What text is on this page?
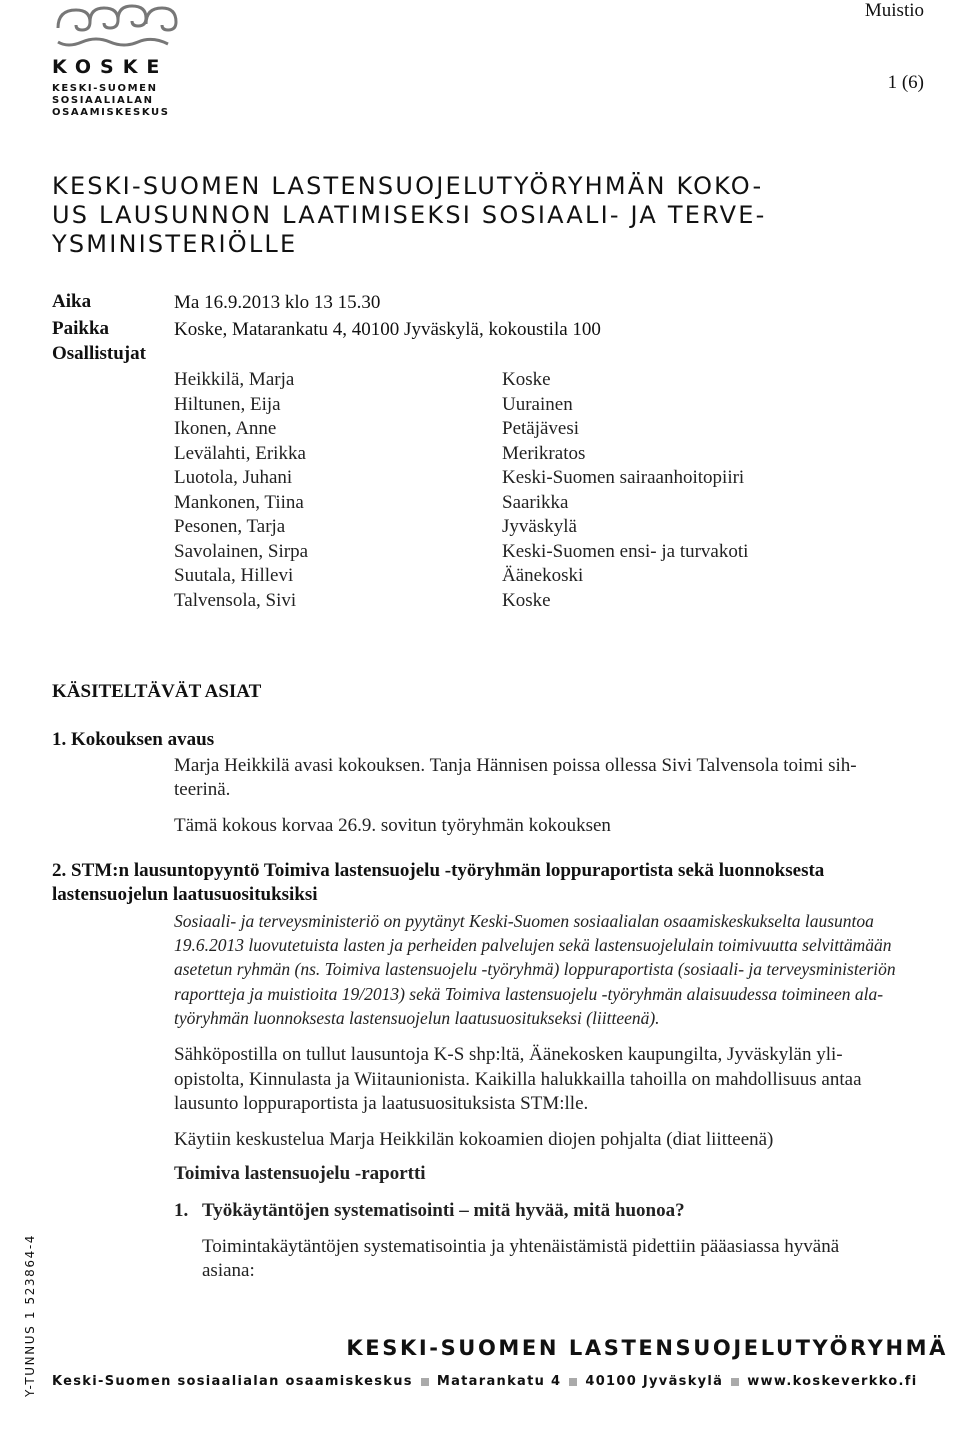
KOSKE
KESKI-SUOMEN
SOSIAALIALAN
OSAAMISKESKUS
Muistio
1 (6)
KESKI-SUOMEN LASTENSUOJELUTYÖRYHMÄN KOKO-
US LAUSUNNON LAATIMISEKSI SOSIAALI- JA TERVE-
YSMINISTERIÖLLE
Aika	Ma 16.9.2013 klo 13 15.30
Paikka	Koske, Matarankatu 4, 40100 Jyväskylä, kokoustila 100
Osallistujat
Heikkilä, Marja	Koske
Hiltunen, Eija	Uurainen
Ikonen, Anne	Petäjävesi
Levälahti, Erikka	Merikratos
Luotola, Juhani	Keski-Suomen sairaanhoitopiiri
Mankonen, Tiina	Saarikka
Pesonen, Tarja	Jyväskylä
Savolainen, Sirpa	Keski-Suomen ensi- ja turvakoti
Suutala, Hillevi	Äänekoski
Talvensola, Sivi	Koske
KÄSITELTÄVÄT ASIAT
1. Kokouksen avaus
Marja Heikkilä avasi kokouksen. Tanja Hännisen poissa ollessa Sivi Talvensola toimi sih-
teerinä.
Tämä kokous korvaa 26.9. sovitun työryhmän kokouksen
2. STM:n lausuntopyyntö Toimiva lastensuojelu -työryhmän loppuraportista sekä luonnoksesta
lastensuojelun laatusuosituksiksi
Sosiaali- ja terveysministeriö on pyytänyt Keski-Suomen sosiaalialan osaamiskeskukselta lausuntoa
19.6.2013 luovutetuista lasten ja perheiden palvelujen sekä lastensuojelulain toimivuutta selvittämään
asetetun ryhmän (ns. Toimiva lastensuojelu -työryhmä) loppuraportista (sosiaali- ja terveysministeriön
raportteja ja muistioita 19/2013) sekä Toimiva lastensuojelu -työryhmän alaisuudessa toimineen ala-
työryhmän luonnoksesta lastensuojelun laatusuositukseksi (liitteenä).
Sähköpostilla on tullut lausuntoja K-S shp:ltä, Äänekosken kaupungilta, Jyväskylän yli-
opistolta, Kinnulasta ja Wiitaunionista. Kaikilla halukkailla tahoilla on mahdollisuus antaa
lausunto loppuraportista ja laatusuosituksista STM:lle.
Käytiin keskustelua Marja Heikkilän kokoamien diojen pohjalta (diat liitteenä)
Toimiva lastensuojelu -raportti
1. Työkäytäntöjen systematisointi – mitä hyvää, mitä huonoa?
Toimintakäytäntöjen systematisointia ja yhtenäistämistä pidettiin pääasiassa hyvänä
asiana:
KESKI-SUOMEN LASTENSUOJELUTYÖRYHMÄ
Keski-Suomen sosiaalialan osaamiskeskus Matarankatu 4 40100 Jyväskylä www.koskeverkko.fi
Y-TUNNUS 1 523864-4
